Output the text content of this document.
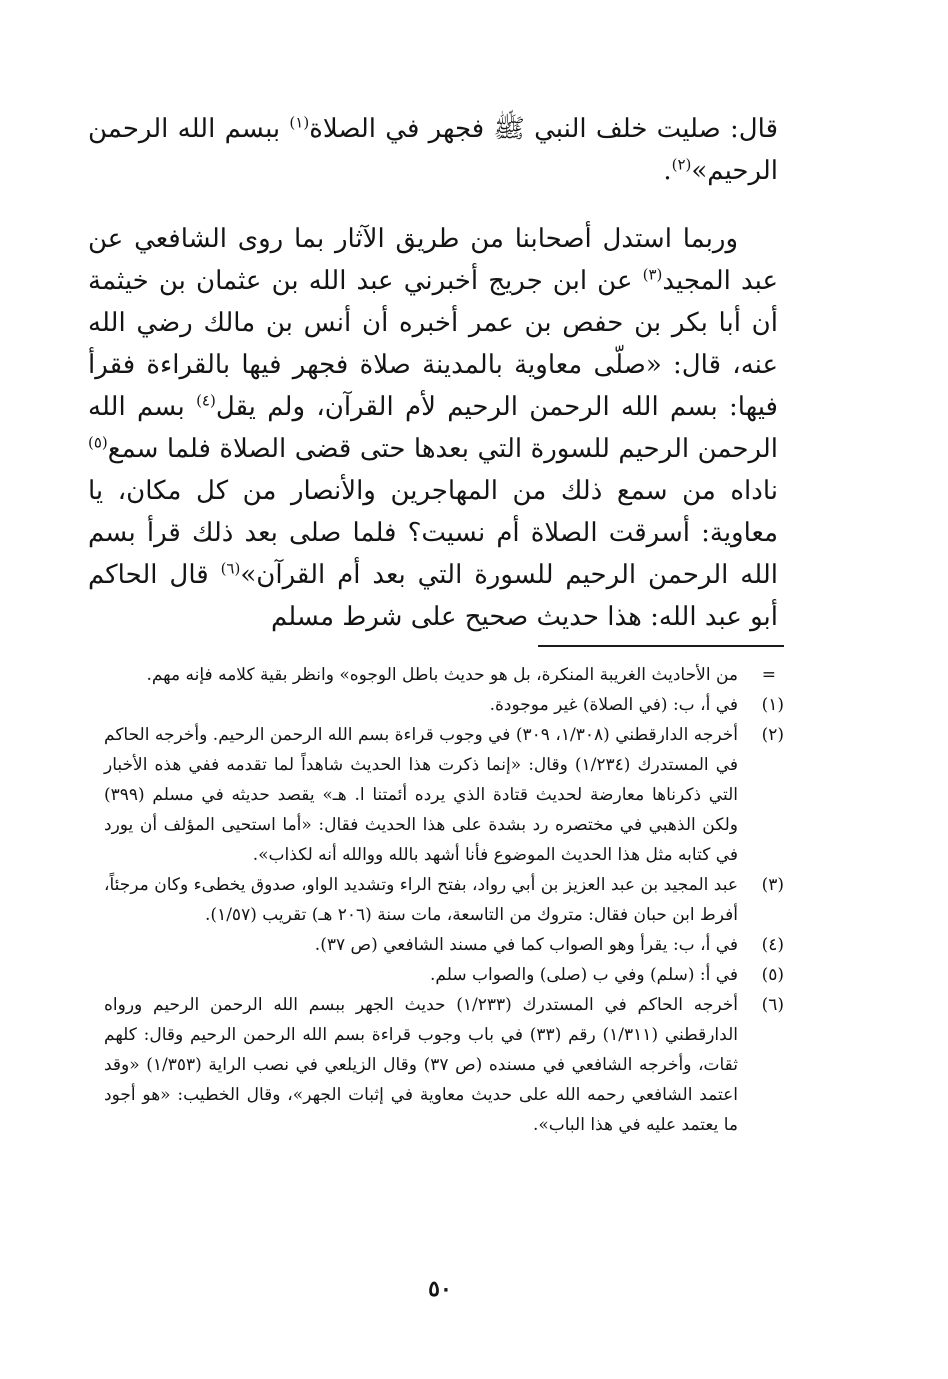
قال: صليت خلف النبي ﷺ فجهر في الصلاة$^{(١)}$ ببسم الله الرحمن الرحيم»$^{(٢)}$.

وربما استدل أصحابنا من طريق الآثار بما روى الشافعي عن عبد المجيد$^{(٣)}$ عن ابن جريج أخبرني عبد الله بن عثمان بن خيثمة أن أبا بكر بن حفص بن عمر أخبره أن أنس بن مالك رضي الله عنه، قال: «صلّى معاوية بالمدينة صلاة فجهر فيها بالقراءة فقرأ فيها: بسم الله الرحمن الرحيم لأم القرآن، ولم يقل$^{(٤)}$ بسم الله الرحمن الرحيم للسورة التي بعدها حتى قضى الصلاة فلما سمع$^{(٥)}$ ناداه من سمع ذلك من المهاجرين والأنصار من كل مكان، يا معاوية: أسرقت الصلاة أم نسيت؟ فلما صلى بعد ذلك قرأ بسم الله الرحمن الرحيم للسورة التي بعد أم القرآن»$^{(٦)}$ قال الحاكم أبو عبد الله: هذا حديث صحيح على شرط مسلم

=
من الأحاديث الغريبة المنكرة، بل هو حديث باطل الوجوه» وانظر بقية كلامه فإنه مهم.
(١)
في أ، ب: (في الصلاة) غير موجودة.
(٢)
أخرجه الدارقطني (١/٣٠٨، ٣٠٩) في وجوب قراءة بسم الله الرحمن الرحيم. وأخرجه الحاكم في المستدرك (١/٢٣٤) وقال: «إنما ذكرت هذا الحديث شاهداً لما تقدمه ففي هذه الأخبار التي ذكرناها معارضة لحديث قتادة الذي يرده أئمتنا ا. هـ» يقصد حديثه في مسلم (٣٩٩) ولكن الذهبي في مختصره رد بشدة على هذا الحديث فقال: «أما استحيى المؤلف أن يورد في كتابه مثل هذا الحديث الموضوع فأنا أشهد بالله ووالله أنه لكذاب».
(٣)
عبد المجيد بن عبد العزيز بن أبي رواد، بفتح الراء وتشديد الواو، صدوق يخطىء وكان مرجئاً، أفرط ابن حبان فقال: متروك من التاسعة، مات سنة (٢٠٦ هـ) تقريب (١/٥٧).
(٤)
في أ، ب: يقرأ وهو الصواب كما في مسند الشافعي (ص ٣٧).
(٥)
في أ: (سلم) وفي ب (صلى) والصواب سلم.
(٦)
أخرجه الحاكم في المستدرك (١/٢٣٣) حديث الجهر ببسم الله الرحمن الرحيم ورواه الدارقطني (١/٣١١) رقم (٣٣) في باب وجوب قراءة بسم الله الرحمن الرحيم وقال: كلهم ثقات، وأخرجه الشافعي في مسنده (ص ٣٧) وقال الزيلعي في نصب الراية (١/٣٥٣) «وقد اعتمد الشافعي رحمه الله على حديث معاوية في إثبات الجهر»، وقال الخطيب: «هو أجود ما يعتمد عليه في هذا الباب».
٥٠
